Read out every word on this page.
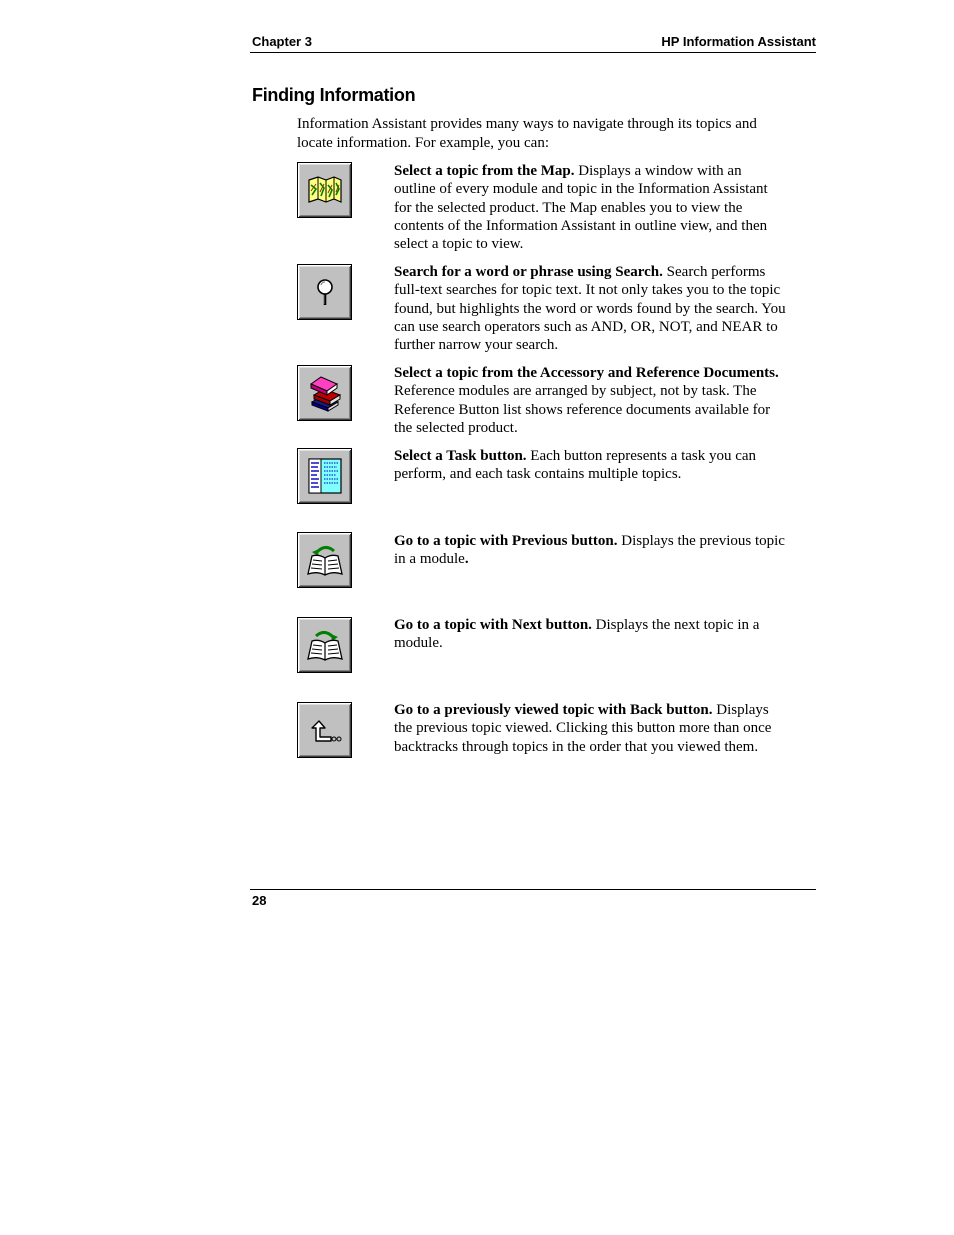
Chapter 3	HP Information Assistant
Finding Information

Information Assistant provides many ways to navigate through its topics and locate information. For example, you can:

Select a topic from the Map. Displays a window with an outline of every module and topic in the Information Assistant for the selected product. The Map enables you to view the contents of the Information Assistant in outline view, and then select a topic to view.

Search for a word or phrase using Search. Search performs full-text searches for topic text. It not only takes you to the topic found, but highlights the word or words found by the search. You can use search operators such as AND, OR, NOT, and NEAR to further narrow your search.

Select a topic from the Accessory and Reference Documents. Reference modules are arranged by subject, not by task. The Reference Button list shows reference documents available for the selected product.

Select a Task button. Each button represents a task you can perform, and each task contains multiple topics.

Go to a topic with Previous button. Displays the previous topic in a module.

Go to a topic with Next button. Displays the next topic in a module.

Go to a previously viewed topic with Back button. Displays the previous topic viewed. Clicking this button more than once backtracks through topics in the order that you viewed them.

28
